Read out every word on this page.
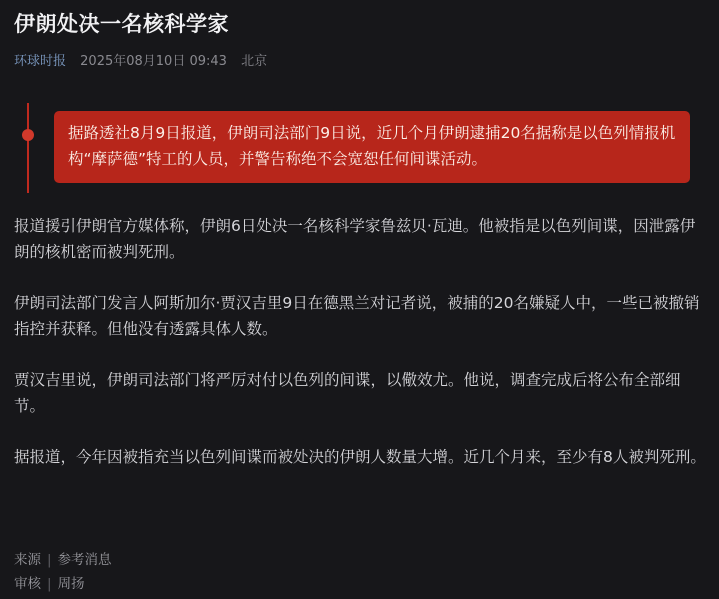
伊朗处决一名核科学家
环球时报 2025年08月10日 09:43 北京
据路透社8月9日报道，伊朗司法部门9日说，近几个月伊朗逮捕20名据称是以色列情报机构“摩萨德”特工的人员，并警告称绝不会宽恕任何间谍活动。

报道援引伊朗官方媒体称，伊朗6日处决一名核科学家鲁兹贝·瓦迪。他被指是以色列间谍，因泄露伊朗的核机密而被判死刑。

伊朗司法部门发言人阿斯加尔·贾汉吉里9日在德黑兰对记者说，被捕的20名嫌疑人中，一些已被撤销指控并获释。但他没有透露具体人数。

贾汉吉里说，伊朗司法部门将严厉对付以色列的间谍，以儆效尤。他说，调查完成后将公布全部细节。

据报道，今年因被指充当以色列间谍而被处决的伊朗人数量大增。近几个月来，至少有8人被判死刑。

来源 | 参考消息
审核 | 周扬
